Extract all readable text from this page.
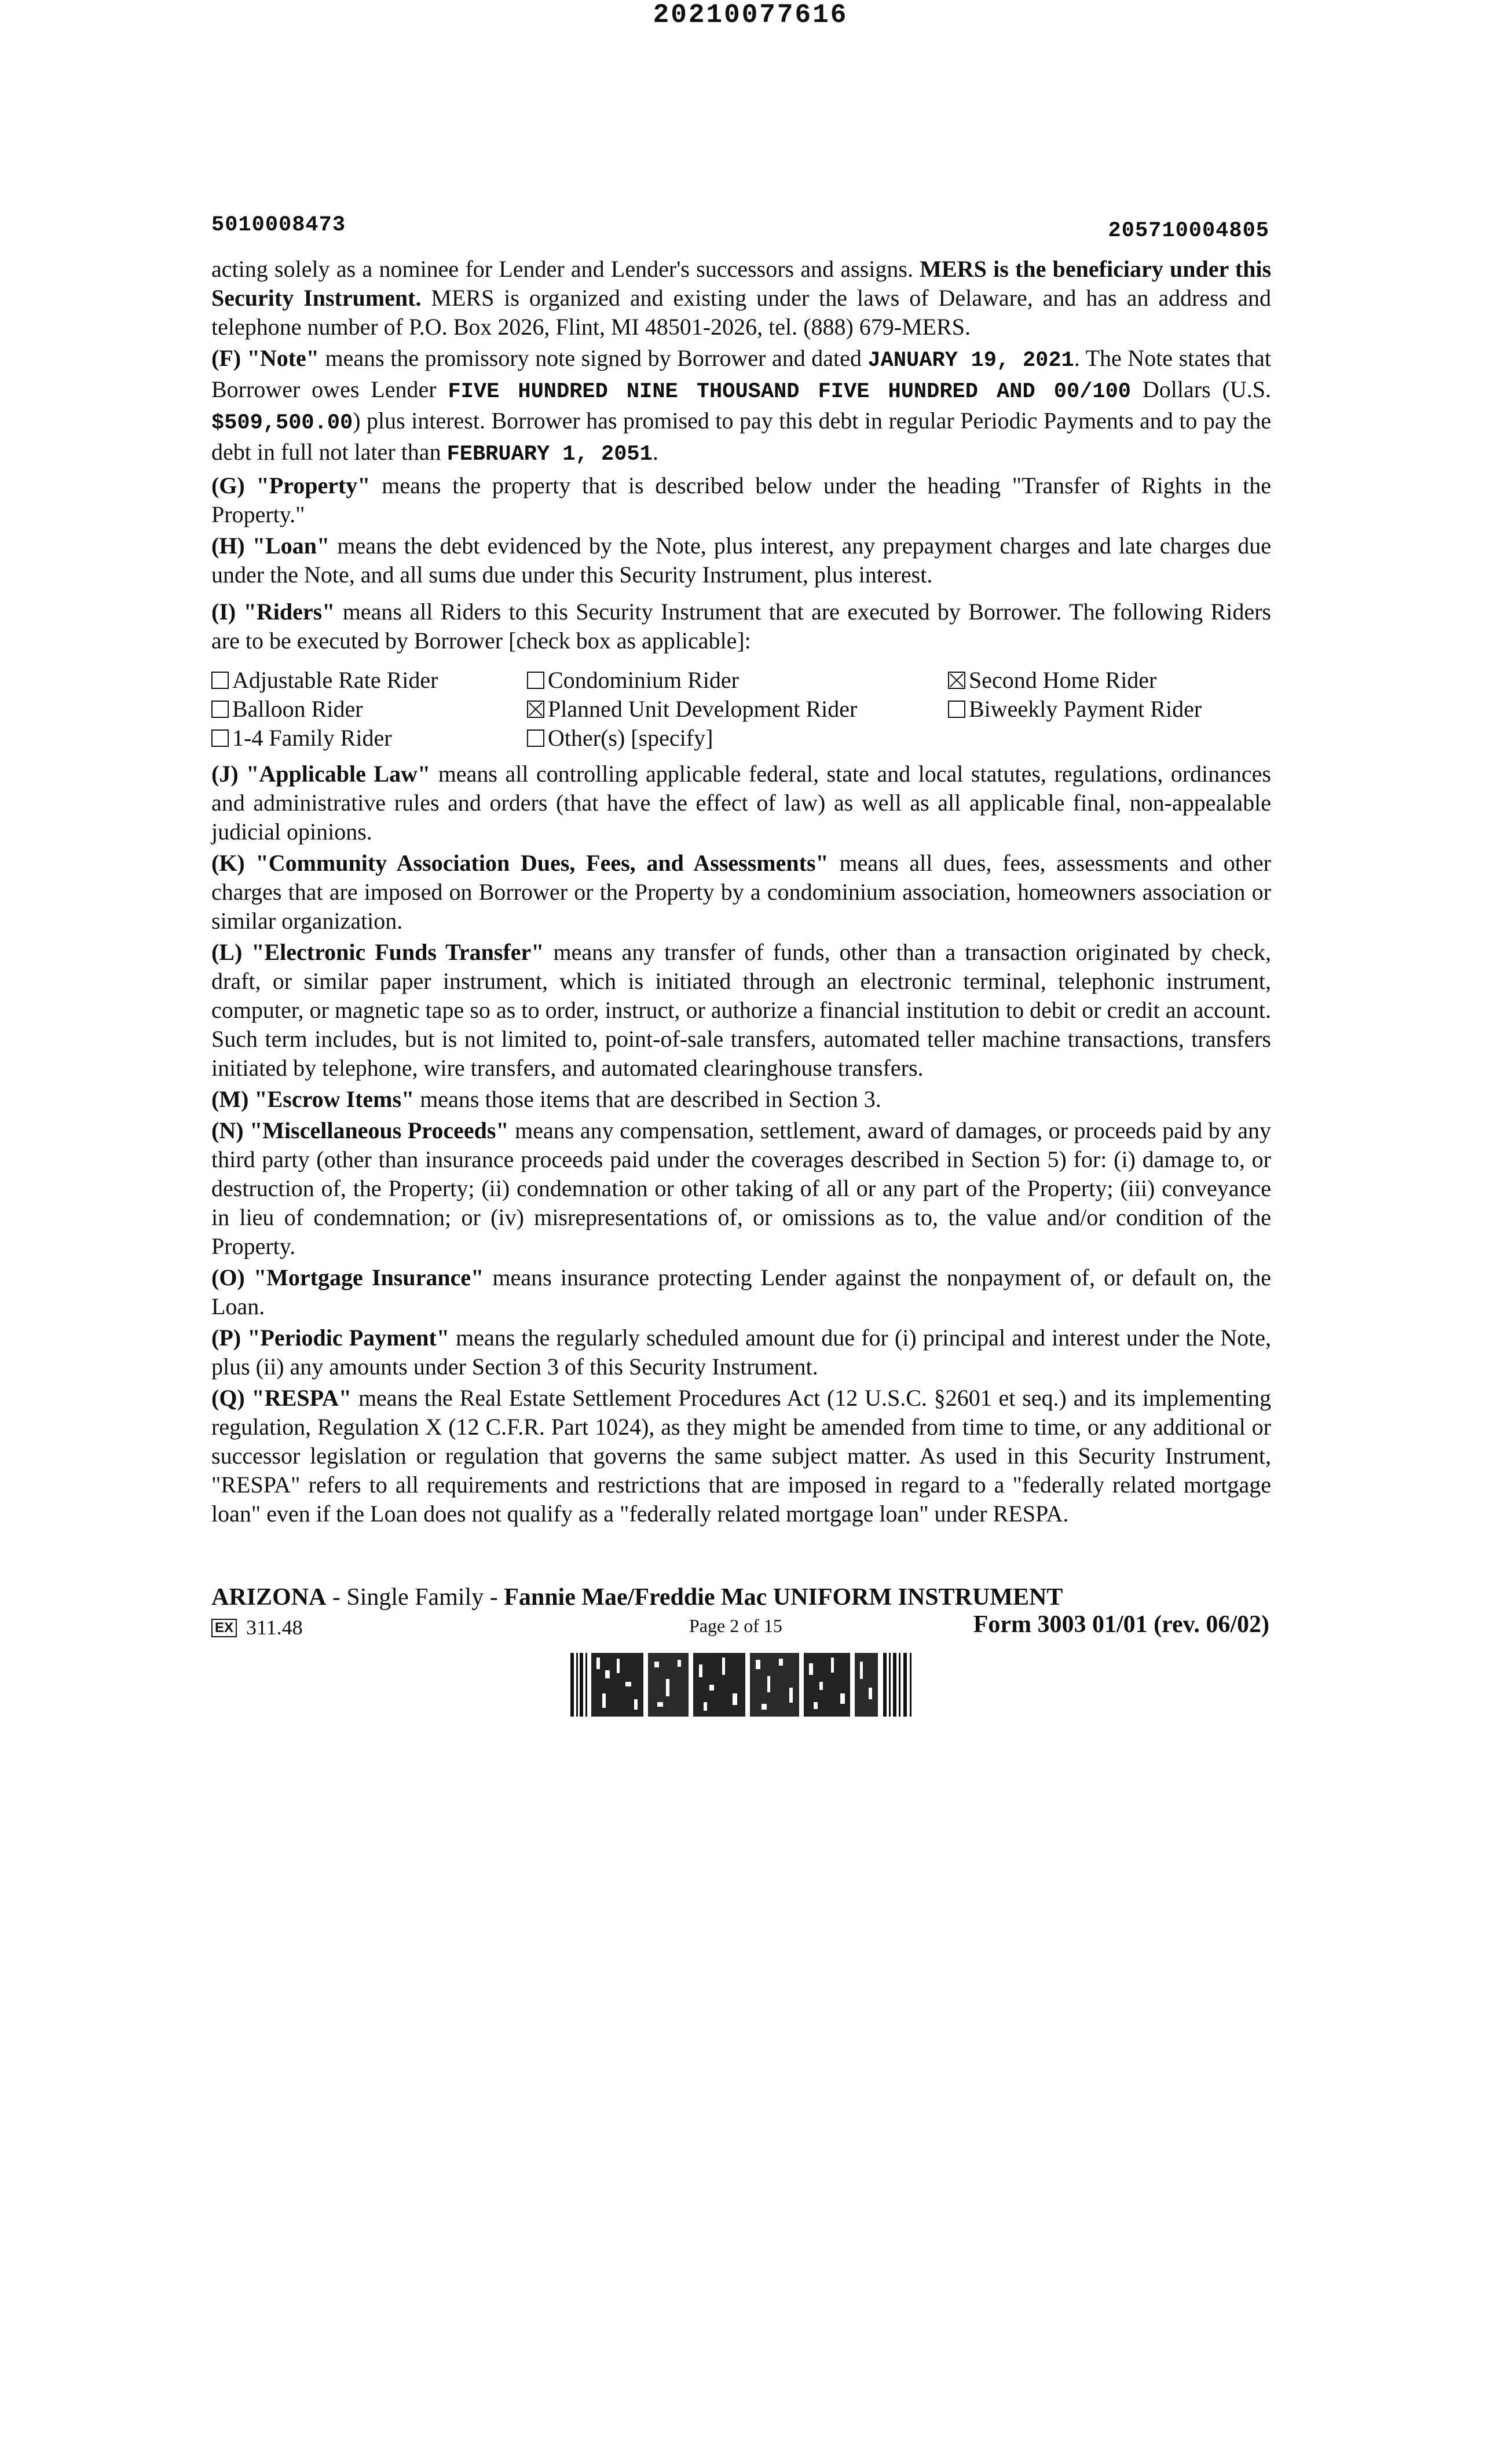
20210077616
5010008473	205710004805

acting solely as a nominee for Lender and Lender's successors and assigns. MERS is the beneficiary under this Security Instrument. MERS is organized and existing under the laws of Delaware, and has an address and telephone number of P.O. Box 2026, Flint, MI 48501-2026, tel. (888) 679-MERS.

(F) "Note" means the promissory note signed by Borrower and dated JANUARY 19, 2021. The Note states that Borrower owes Lender FIVE HUNDRED NINE THOUSAND FIVE HUNDRED AND 00/100 Dollars (U.S. $509,500.00) plus interest. Borrower has promised to pay this debt in regular Periodic Payments and to pay the debt in full not later than FEBRUARY 1, 2051.

(G) "Property" means the property that is described below under the heading "Transfer of Rights in the Property."

(H) "Loan" means the debt evidenced by the Note, plus interest, any prepayment charges and late charges due under the Note, and all sums due under this Security Instrument, plus interest.

(I) "Riders" means all Riders to this Security Instrument that are executed by Borrower. The following Riders are to be executed by Borrower [check box as applicable]:

Adjustable Rate Rider	Condominium Rider	Second Home Rider
Balloon Rider	Planned Unit Development Rider	Biweekly Payment Rider
1-4 Family Rider	Other(s) [specify]

(J) "Applicable Law" means all controlling applicable federal, state and local statutes, regulations, ordinances and administrative rules and orders (that have the effect of law) as well as all applicable final, non-appealable judicial opinions.

(K) "Community Association Dues, Fees, and Assessments" means all dues, fees, assessments and other charges that are imposed on Borrower or the Property by a condominium association, homeowners association or similar organization.

(L) "Electronic Funds Transfer" means any transfer of funds, other than a transaction originated by check, draft, or similar paper instrument, which is initiated through an electronic terminal, telephonic instrument, computer, or magnetic tape so as to order, instruct, or authorize a financial institution to debit or credit an account. Such term includes, but is not limited to, point-of-sale transfers, automated teller machine transactions, transfers initiated by telephone, wire transfers, and automated clearinghouse transfers.

(M) "Escrow Items" means those items that are described in Section 3.

(N) "Miscellaneous Proceeds" means any compensation, settlement, award of damages, or proceeds paid by any third party (other than insurance proceeds paid under the coverages described in Section 5) for: (i) damage to, or destruction of, the Property; (ii) condemnation or other taking of all or any part of the Property; (iii) conveyance in lieu of condemnation; or (iv) misrepresentations of, or omissions as to, the value and/or condition of the Property.

(O) "Mortgage Insurance" means insurance protecting Lender against the nonpayment of, or default on, the Loan.

(P) "Periodic Payment" means the regularly scheduled amount due for (i) principal and interest under the Note, plus (ii) any amounts under Section 3 of this Security Instrument.

(Q) "RESPA" means the Real Estate Settlement Procedures Act (12 U.S.C. §2601 et seq.) and its implementing regulation, Regulation X (12 C.F.R. Part 1024), as they might be amended from time to time, or any additional or successor legislation or regulation that governs the same subject matter. As used in this Security Instrument, "RESPA" refers to all requirements and restrictions that are imposed in regard to a "federally related mortgage loan" even if the Loan does not qualify as a "federally related mortgage loan" under RESPA.

ARIZONA - Single Family - Fannie Mae/Freddie Mac UNIFORM INSTRUMENT
EX 311.48	Page 2 of 15	Form 3003 01/01 (rev. 06/02)
